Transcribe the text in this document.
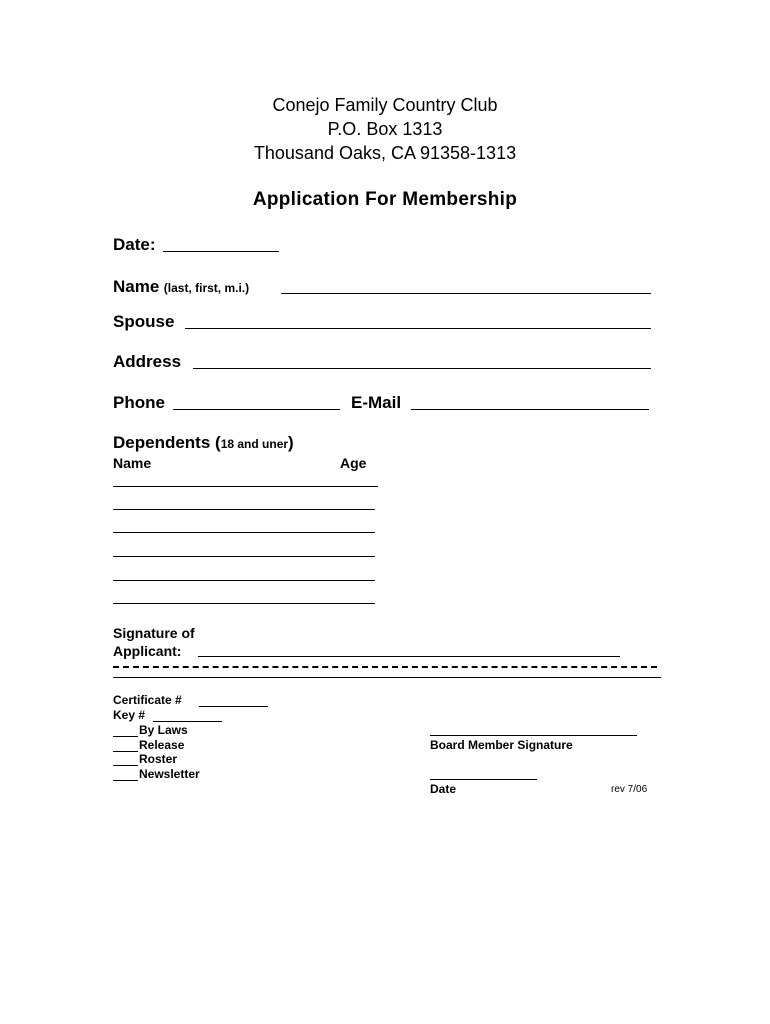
Conejo Family Country Club
P.O. Box 1313
Thousand Oaks, CA 91358-1313
Application For Membership
Date:
Name (last, first, m.i.)
Spouse
Address
Phone	E-Mail
Dependents (18 and uner)
Name	Age
Signature of
Applicant:
Certificate #
Key #
By Laws
Release
Roster
Newsletter
Board Member Signature
Date	rev 7/06
